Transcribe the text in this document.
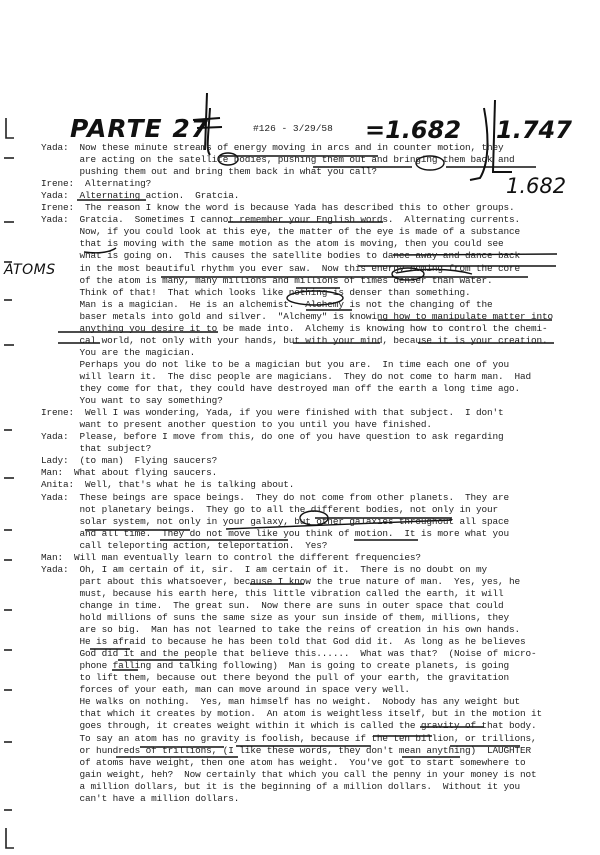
PARTE 27	#126 - 3/29/58 =1.682 1.747
1.682
ATOMS
Yada:  Now these minute streams of energy moving in arcs and in counter motion, they
are acting on the satellite bodies, pushing them out and bringing them back and
pushing them out and bring them back in what you call?
Irene:  Alternating?
Yada:  Alternating action.  Gratcia.
Irene:  The reason I know the word is because Yada has described this to other groups.
Yada:  Gratcia.  Sometimes I cannot remember your English words.  Alternating currents.
Now, if you could look at this eye, the matter of the eye is made of a substance
that is moving with the same motion as the atom is moving, then you could see
what is going on.  This causes the satellite bodies to dance away and dance back
in the most beautiful rhythm you ever saw.  Now this energy coming from the core
of the atom is many, many millions and millions of times denser than water.
Think of that!  That which looks like nothing is denser than something.
Man is a magician.  He is an alchemist.  Alchemy is not the changing of the
baser metals into gold and silver.  "Alchemy" is knowing how to manipulate matter into
anything you desire it to be made into.  Alchemy is knowing how to control the chemi-
cal world, not only with your hands, but with your mind, because it is your creation.
You are the magician.
Perhaps you do not like to be a magician but you are.  In time each one of you
will learn it.  The disc people are magicians.  They do not come to harm man.  Had
they come for that, they could have destroyed man off the earth a long time ago.
You want to say something?
Irene:  Well I was wondering, Yada, if you were finished with that subject.  I don't
want to present another question to you until you have finished.
Yada:  Please, before I move from this, do one of you have question to ask regarding
that subject?
Lady:  (to man)  Flying saucers?
Man:  What about flying saucers.
Anita:  Well, that's what he is talking about.
Yada:  These beings are space beings.  They do not come from other planets.  They are
not planetary beings.  They go to all the different bodies, not only in your
solar system, not only in your galaxy, but other galaxies throughout all space
and all time.  They do not move like you think of motion.  It is more what you
call teleporting action, teleportation.  Yes?
Man:  Will man eventually learn to control the different frequencies?
Yada:  Oh, I am certain of it, sir.  I am certain of it.  There is no doubt on my
part about this whatsoever, because I know the true nature of man.  Yes, yes, he
must, because his earth here, this little vibration called the earth, it will
change in time.  The great sun.  Now there are suns in outer space that could
hold millions of suns the same size as your sun inside of them, millions, they
are so big.  Man has not learned to take the reins of creation in his own hands.
He is afraid to because he has been told that God did it.  As long as he believes
God did it and the people that believe this......  What was that?  (Noise of micro-
phone falling and talking following)  Man is going to create planets, is going
to lift them, because out there beyond the pull of your earth, the gravitation
forces of your eath, man can move around in space very well.
He walks on nothing.  Yes, man himself has no weight.  Nobody has any weight but
that which it creates by motion.  An atom is weightless itself, but in the motion it
goes through, it creates weight within it which is called the gravity of that body.
To say an atom has no gravity is foolish, because if the ten billion, or trillions,
or hundreds of trillions, (I like these words, they don't mean anything)  LAUGHTER
of atoms have weight, then one atom has weight.  You've got to start somewhere to
gain weight, heh?  Now certainly that which you call the penny in your money is not
a million dollars, but it is the beginning of a million dollars.  Without it you
can't have a million dollars.
